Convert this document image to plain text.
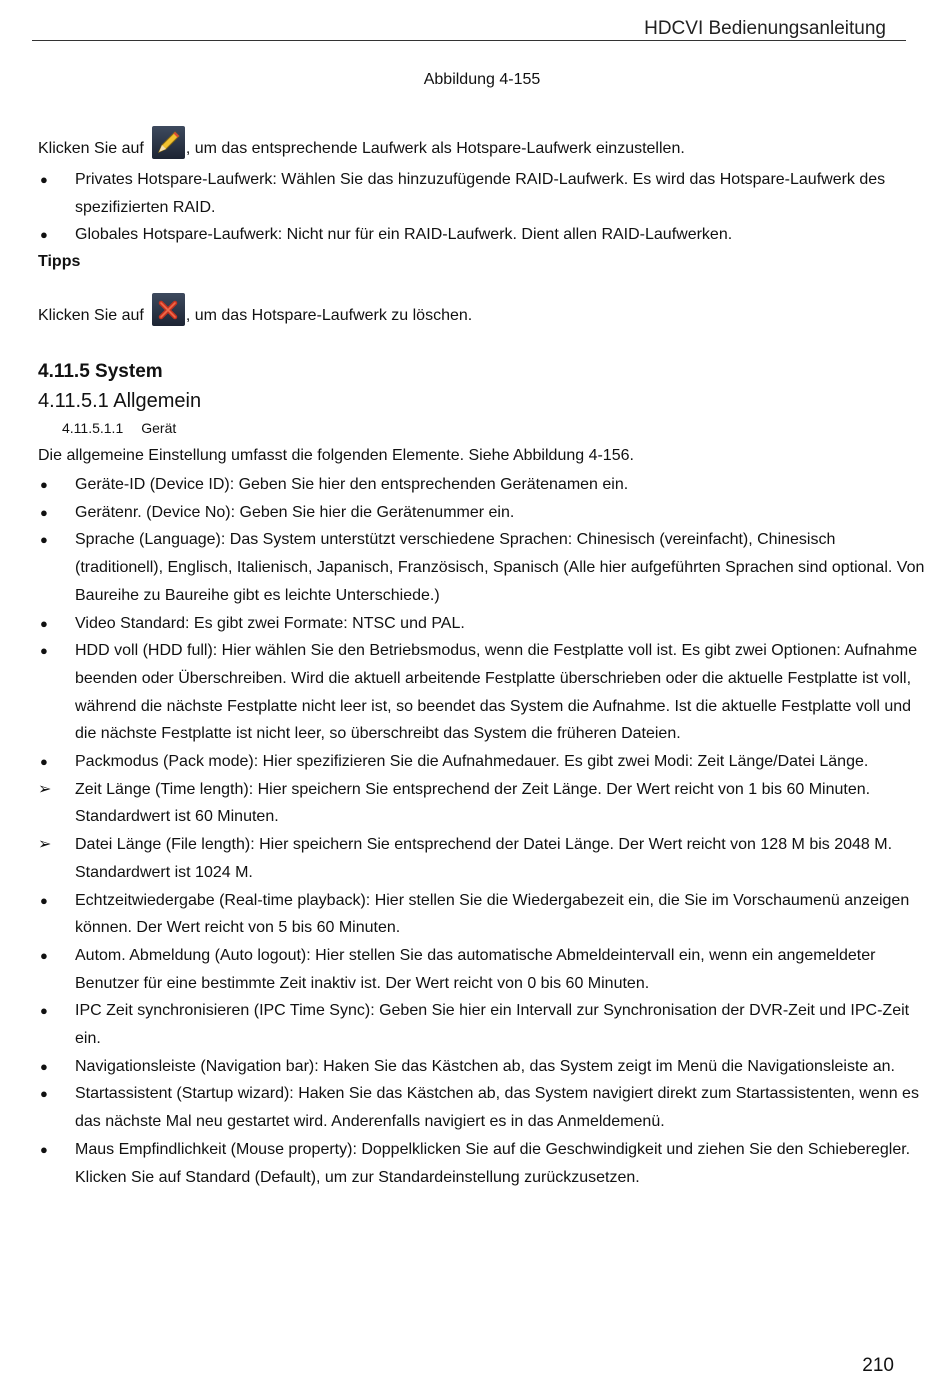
HDCVI Bedienungsanleitung
Abbildung 4-155
Klicken Sie auf	, um das entsprechende Laufwerk als Hotspare-Laufwerk einzustellen.
● Privates Hotspare-Laufwerk: Wählen Sie das hinzuzufügende RAID-Laufwerk. Es wird das Hotspare-Laufwerk des spezifizierten RAID.
● Globales Hotspare-Laufwerk: Nicht nur für ein RAID-Laufwerk. Dient allen RAID-Laufwerken.
Tipps
Klicken Sie auf	, um das Hotspare-Laufwerk zu löschen.
4.11.5 System
4.11.5.1 Allgemein
4.11.5.1.1 Gerät
Die allgemeine Einstellung umfasst die folgenden Elemente. Siehe Abbildung 4-156.
● Geräte-ID (Device ID): Geben Sie hier den entsprechenden Gerätenamen ein.
● Gerätenr. (Device No): Geben Sie hier die Gerätenummer ein.
● Sprache (Language): Das System unterstützt verschiedene Sprachen: Chinesisch (vereinfacht), Chinesisch (traditionell), Englisch, Italienisch, Japanisch, Französisch, Spanisch (Alle hier aufgeführten Sprachen sind optional. Von Baureihe zu Baureihe gibt es leichte Unterschiede.)
● Video Standard: Es gibt zwei Formate: NTSC und PAL.
● HDD voll (HDD full): Hier wählen Sie den Betriebsmodus, wenn die Festplatte voll ist. Es gibt zwei Optionen: Aufnahme beenden oder Überschreiben. Wird die aktuell arbeitende Festplatte überschrieben oder die aktuelle Festplatte ist voll, während die nächste Festplatte nicht leer ist, so beendet das System die Aufnahme. Ist die aktuelle Festplatte voll und die nächste Festplatte ist nicht leer, so überschreibt das System die früheren Dateien.
● Packmodus (Pack mode): Hier spezifizieren Sie die Aufnahmedauer. Es gibt zwei Modi: Zeit Länge/Datei Länge.
➢ Zeit Länge (Time length): Hier speichern Sie entsprechend der Zeit Länge. Der Wert reicht von 1 bis 60 Minuten. Standardwert ist 60 Minuten.
➢ Datei Länge (File length): Hier speichern Sie entsprechend der Datei Länge. Der Wert reicht von 128 M bis 2048 M. Standardwert ist 1024 M.
● Echtzeitwiedergabe (Real-time playback): Hier stellen Sie die Wiedergabezeit ein, die Sie im Vorschaumenü anzeigen können. Der Wert reicht von 5 bis 60 Minuten.
● Autom. Abmeldung (Auto logout): Hier stellen Sie das automatische Abmeldeintervall ein, wenn ein angemeldeter Benutzer für eine bestimmte Zeit inaktiv ist. Der Wert reicht von 0 bis 60 Minuten.
● IPC Zeit synchronisieren (IPC Time Sync): Geben Sie hier ein Intervall zur Synchronisation der DVR-Zeit und IPC-Zeit ein.
● Navigationsleiste (Navigation bar): Haken Sie das Kästchen ab, das System zeigt im Menü die Navigationsleiste an.
● Startassistent (Startup wizard): Haken Sie das Kästchen ab, das System navigiert direkt zum Startassistenten, wenn es das nächste Mal neu gestartet wird. Anderenfalls navigiert es in das Anmeldemenü.
● Maus Empfindlichkeit (Mouse property): Doppelklicken Sie auf die Geschwindigkeit und ziehen Sie den Schieberegler. Klicken Sie auf Standard (Default), um zur Standardeinstellung zurückzusetzen.
210
